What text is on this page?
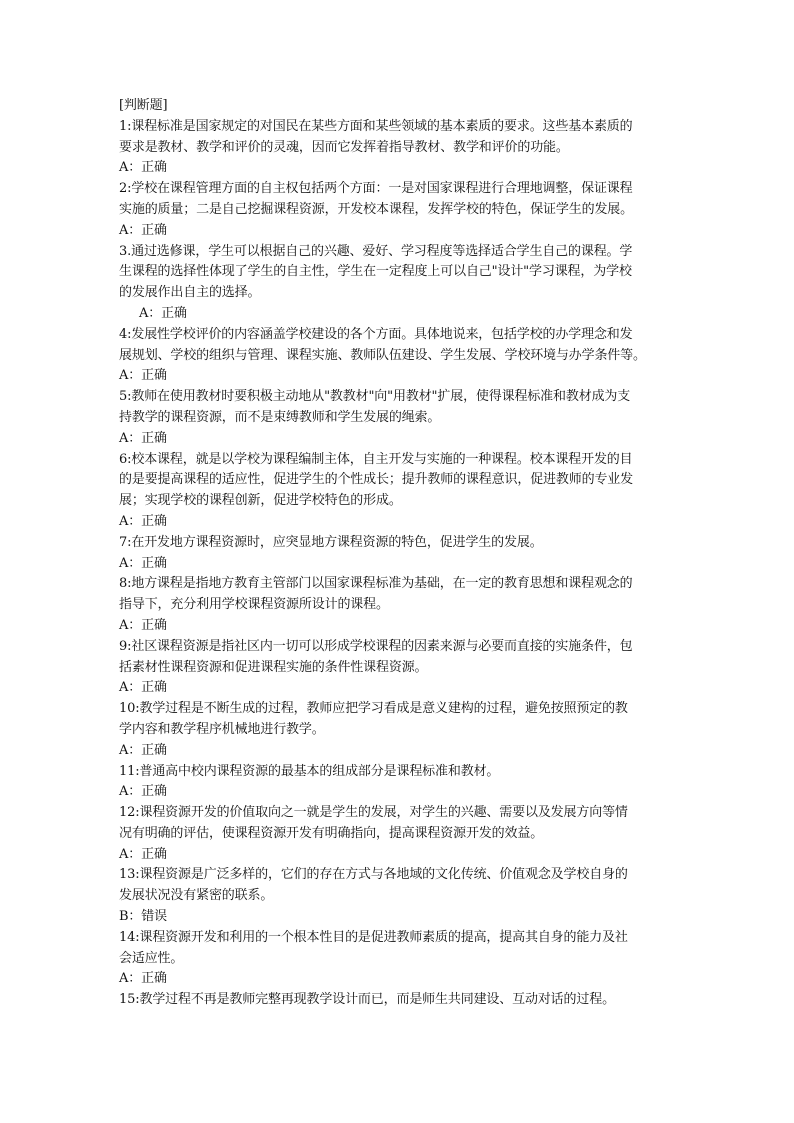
[判断题]
1:课程标准是国家规定的对国民在某些方面和某些领域的基本素质的要求。这些基本素质的
要求是教材、教学和评价的灵魂，因而它发挥着指导教材、教学和评价的功能。
A：正确
2:学校在课程管理方面的自主权包括两个方面：一是对国家课程进行合理地调整，保证课程
实施的质量；二是自己挖掘课程资源，开发校本课程，发挥学校的特色，保证学生的发展。
A：正确
3.通过选修课，学生可以根据自己的兴趣、爱好、学习程度等选择适合学生自己的课程。学
生课程的选择性体现了学生的自主性，学生在一定程度上可以自己"设计"学习课程，为学校
的发展作出自主的选择。
A：正确
4:发展性学校评价的内容涵盖学校建设的各个方面。具体地说来，包括学校的办学理念和发
展规划、学校的组织与管理、课程实施、教师队伍建设、学生发展、学校环境与办学条件等。
A：正确
5:教师在使用教材时要积极主动地从"教教材"向"用教材"扩展，使得课程标准和教材成为支
持教学的课程资源，而不是束缚教师和学生发展的绳索。
A：正确
6:校本课程，就是以学校为课程编制主体，自主开发与实施的一种课程。校本课程开发的目
的是要提高课程的适应性，促进学生的个性成长；提升教师的课程意识，促进教师的专业发
展；实现学校的课程创新，促进学校特色的形成。
A：正确
7:在开发地方课程资源时，应突显地方课程资源的特色，促进学生的发展。
A：正确
8:地方课程是指地方教育主管部门以国家课程标准为基础，在一定的教育思想和课程观念的
指导下，充分利用学校课程资源所设计的课程。
A：正确
9:社区课程资源是指社区内一切可以形成学校课程的因素来源与必要而直接的实施条件，包
括素材性课程资源和促进课程实施的条件性课程资源。
A：正确
10:教学过程是不断生成的过程，教师应把学习看成是意义建构的过程，避免按照预定的教
学内容和教学程序机械地进行教学。
A：正确
11:普通高中校内课程资源的最基本的组成部分是课程标准和教材。
A：正确
12:课程资源开发的价值取向之一就是学生的发展，对学生的兴趣、需要以及发展方向等情
况有明确的评估，使课程资源开发有明确指向，提高课程资源开发的效益。
A：正确
13:课程资源是广泛多样的，它们的存在方式与各地域的文化传统、价值观念及学校自身的
发展状况没有紧密的联系。
B：错误
14:课程资源开发和利用的一个根本性目的是促进教师素质的提高，提高其自身的能力及社
会适应性。
A：正确
15:教学过程不再是教师完整再现教学设计而已，而是师生共同建设、互动对话的过程。
